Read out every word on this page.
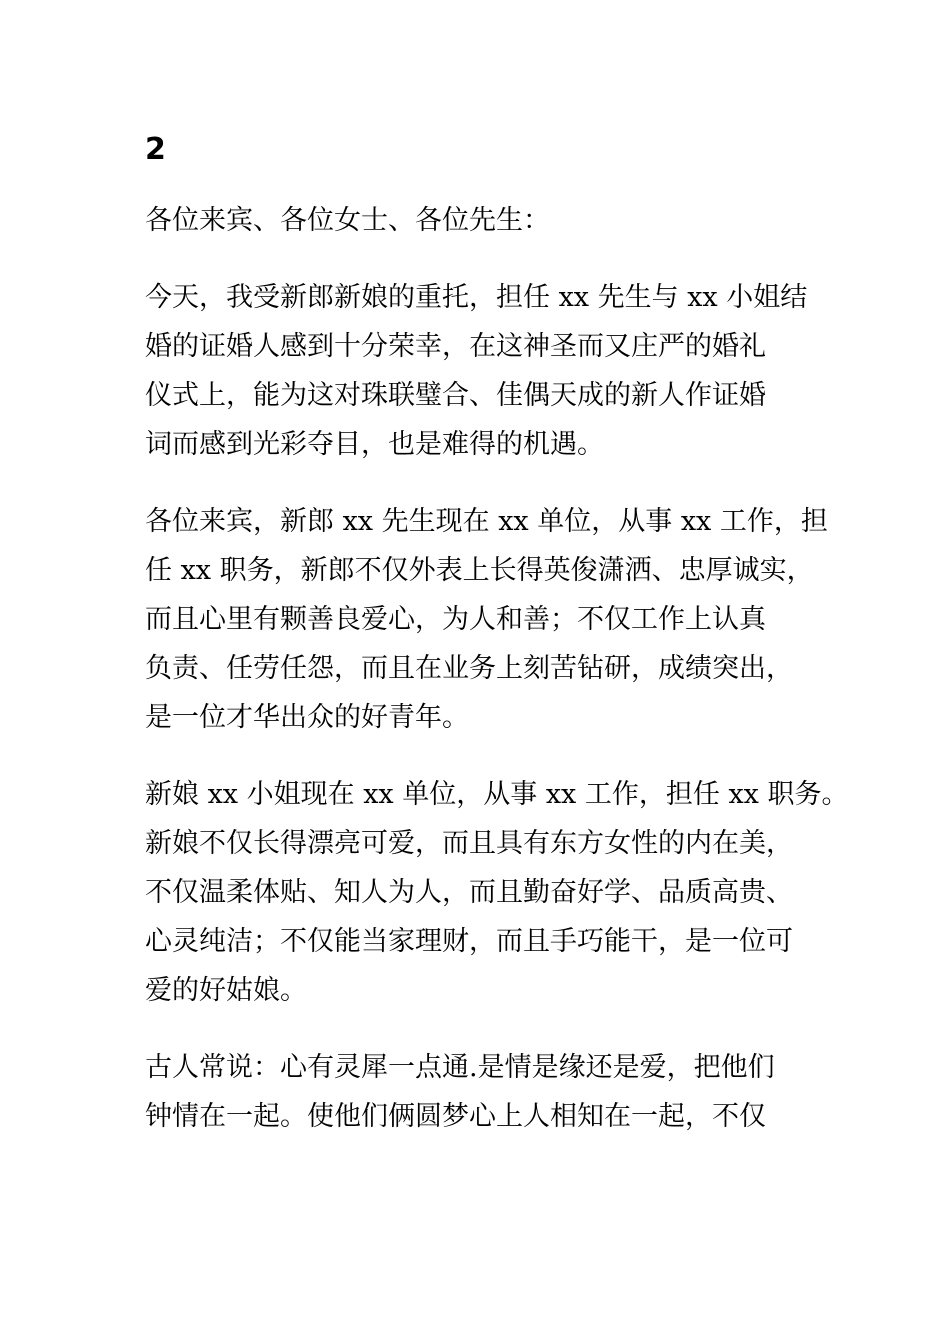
2

各位来宾、各位女士、各位先生：

今天，我受新郎新娘的重托，担任 xx 先生与 xx 小姐结
婚的证婚人感到十分荣幸，在这神圣而又庄严的婚礼
仪式上，能为这对珠联璧合、佳偶天成的新人作证婚
词而感到光彩夺目，也是难得的机遇。

各位来宾，新郎 xx 先生现在 xx 单位，从事 xx 工作，担
任 xx 职务，新郎不仅外表上长得英俊潇洒、忠厚诚实，
而且心里有颗善良爱心，为人和善；不仅工作上认真
负责、任劳任怨，而且在业务上刻苦钻研，成绩突出，
是一位才华出众的好青年。

新娘 xx 小姐现在 xx 单位，从事 xx 工作，担任 xx 职务。
新娘不仅长得漂亮可爱，而且具有东方女性的内在美，
不仅温柔体贴、知人为人，而且勤奋好学、品质高贵、
心灵纯洁；不仅能当家理财，而且手巧能干，是一位可
爱的好姑娘。

古人常说：心有灵犀一点通.是情是缘还是爱，把他们
钟情在一起。使他们俩圆梦心上人相知在一起，不仅
